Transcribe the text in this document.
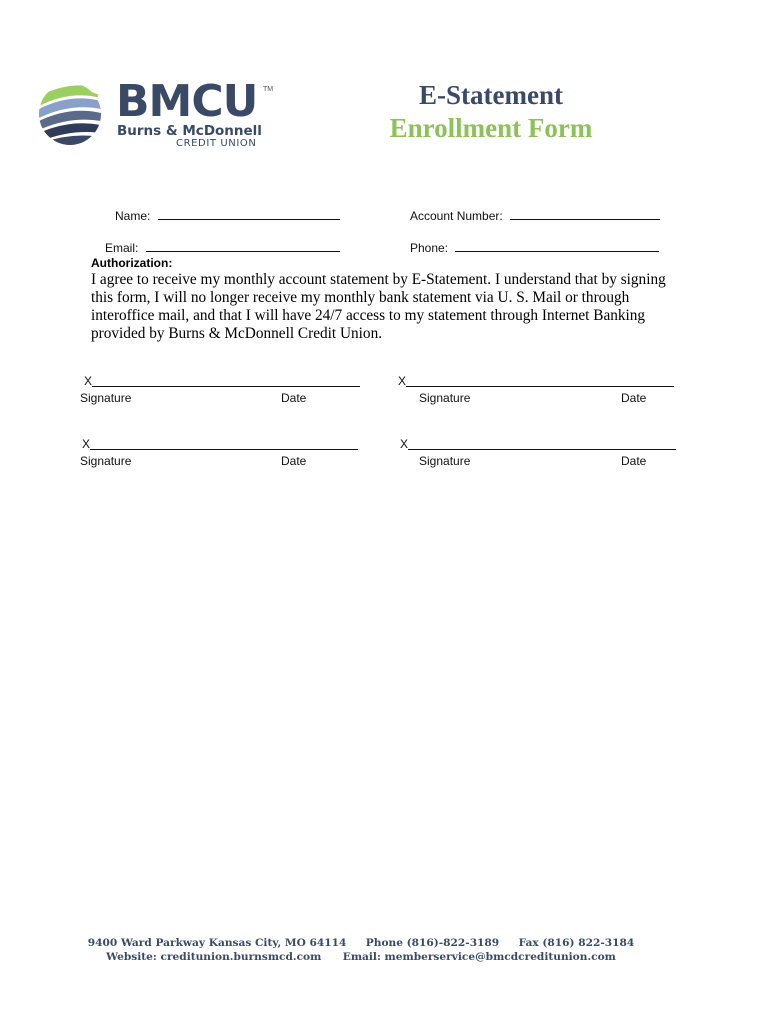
BMCU TM
Burns & McDonnell
CREDIT UNION
E-Statement
Enrollment Form
Name:	Account Number:
Email:	Phone:
Authorization:
I agree to receive my monthly account statement by E-Statement. I understand that by signing this form, I will no longer receive my monthly bank statement via U. S. Mail or through interoffice mail, and that I will have 24/7 access to my statement through Internet Banking provided by Burns & McDonnell Credit Union.
X
Signature	Date
X
Signature	Date
X
Signature	Date
X
Signature	Date
9400 Ward Parkway Kansas City, MO 64114 Phone (816)-822-3189 Fax (816) 822-3184
Website: creditunion.burnsmcd.com Email: memberservice@bmcdcreditunion.com
